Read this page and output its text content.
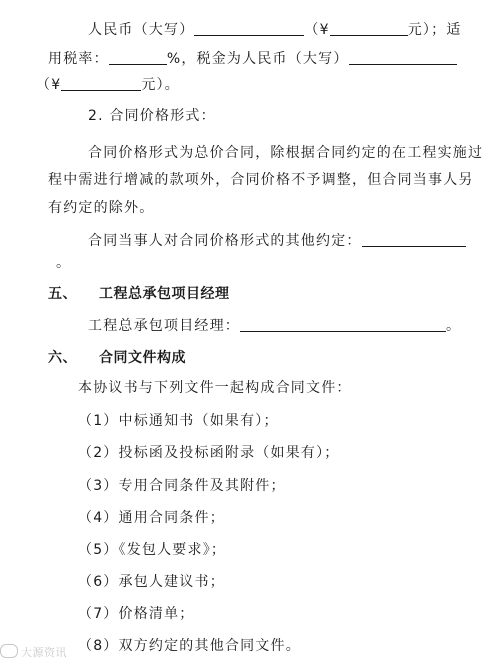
人民币（大写）	（¥	元）；适
用税率：	%，税金为人民币（大写）
（¥	元）。
2. 合同价格形式：
合同价格形式为总价合同，除根据合同约定的在工程实施过
程中需进行增减的款项外，合同价格不予调整，但合同当事人另
有约定的除外。
合同当事人对合同价格形式的其他约定：
。
五、 工程总承包项目经理
工程总承包项目经理：	。
六、 合同文件构成
本协议书与下列文件一起构成合同文件：
（1）中标通知书（如果有）；
（2）投标函及投标函附录（如果有）；
（3）专用合同条件及其附件；
（4）通用合同条件；
（5）《发包人要求》；
（6）承包人建议书；
（7）价格清单；
（8）双方约定的其他合同文件。
大源资讯
